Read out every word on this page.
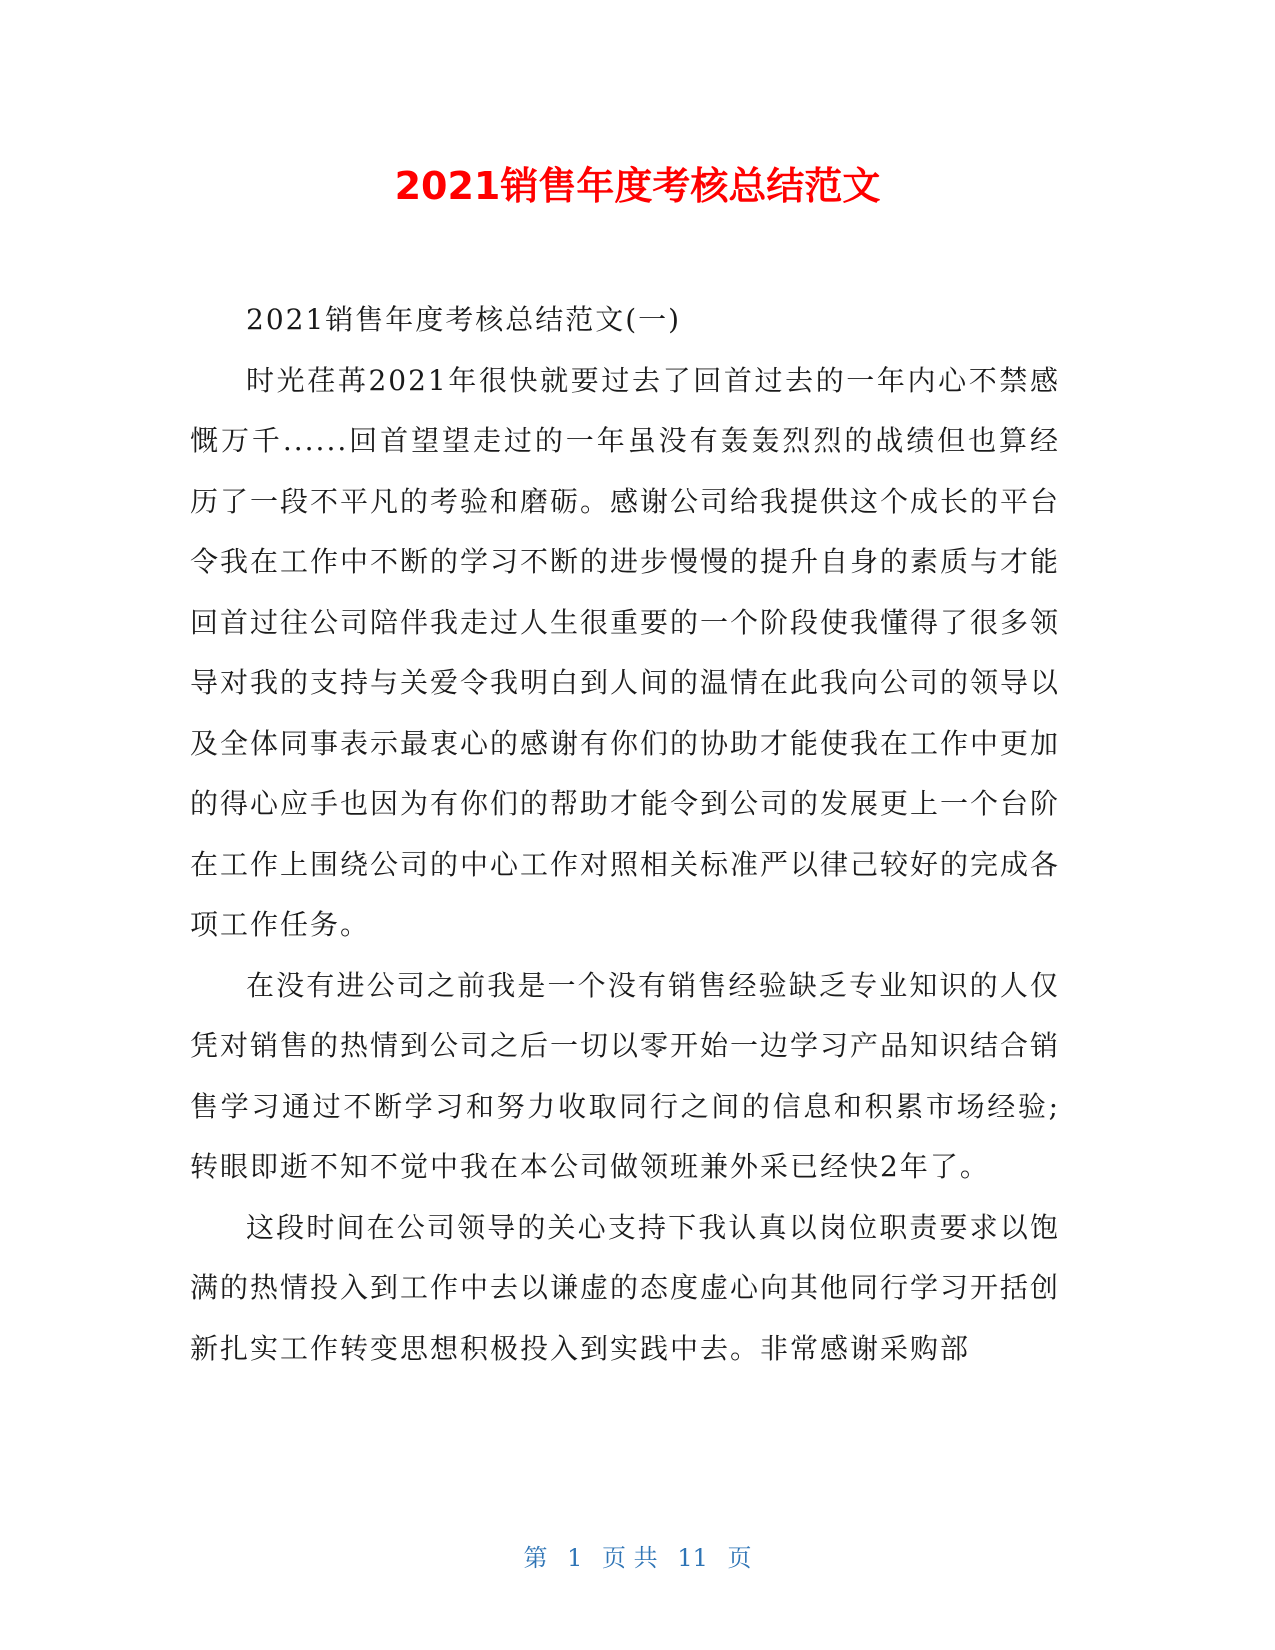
2021销售年度考核总结范文

2021销售年度考核总结范文(一)

时光荏苒2021年很快就要过去了回首过去的一年内心不禁感慨万千......回首望望走过的一年虽没有轰轰烈烈的战绩但也算经历了一段不平凡的考验和磨砺。感谢公司给我提供这个成长的平台令我在工作中不断的学习不断的进步慢慢的提升自身的素质与才能回首过往公司陪伴我走过人生很重要的一个阶段使我懂得了很多领导对我的支持与关爱令我明白到人间的温情在此我向公司的领导以及全体同事表示最衷心的感谢有你们的协助才能使我在工作中更加的得心应手也因为有你们的帮助才能令到公司的发展更上一个台阶在工作上围绕公司的中心工作对照相关标准严以律己较好的完成各项工作任务。

在没有进公司之前我是一个没有销售经验缺乏专业知识的人仅凭对销售的热情到公司之后一切以零开始一边学习产品知识结合销售学习通过不断学习和努力收取同行之间的信息和积累市场经验;转眼即逝不知不觉中我在本公司做领班兼外采已经快2年了。

这段时间在公司领导的关心支持下我认真以岗位职责要求以饱满的热情投入到工作中去以谦虚的态度虚心向其他同行学习开括创新扎实工作转变思想积极投入到实践中去。非常感谢采购部

第 1 页 共 11 页
